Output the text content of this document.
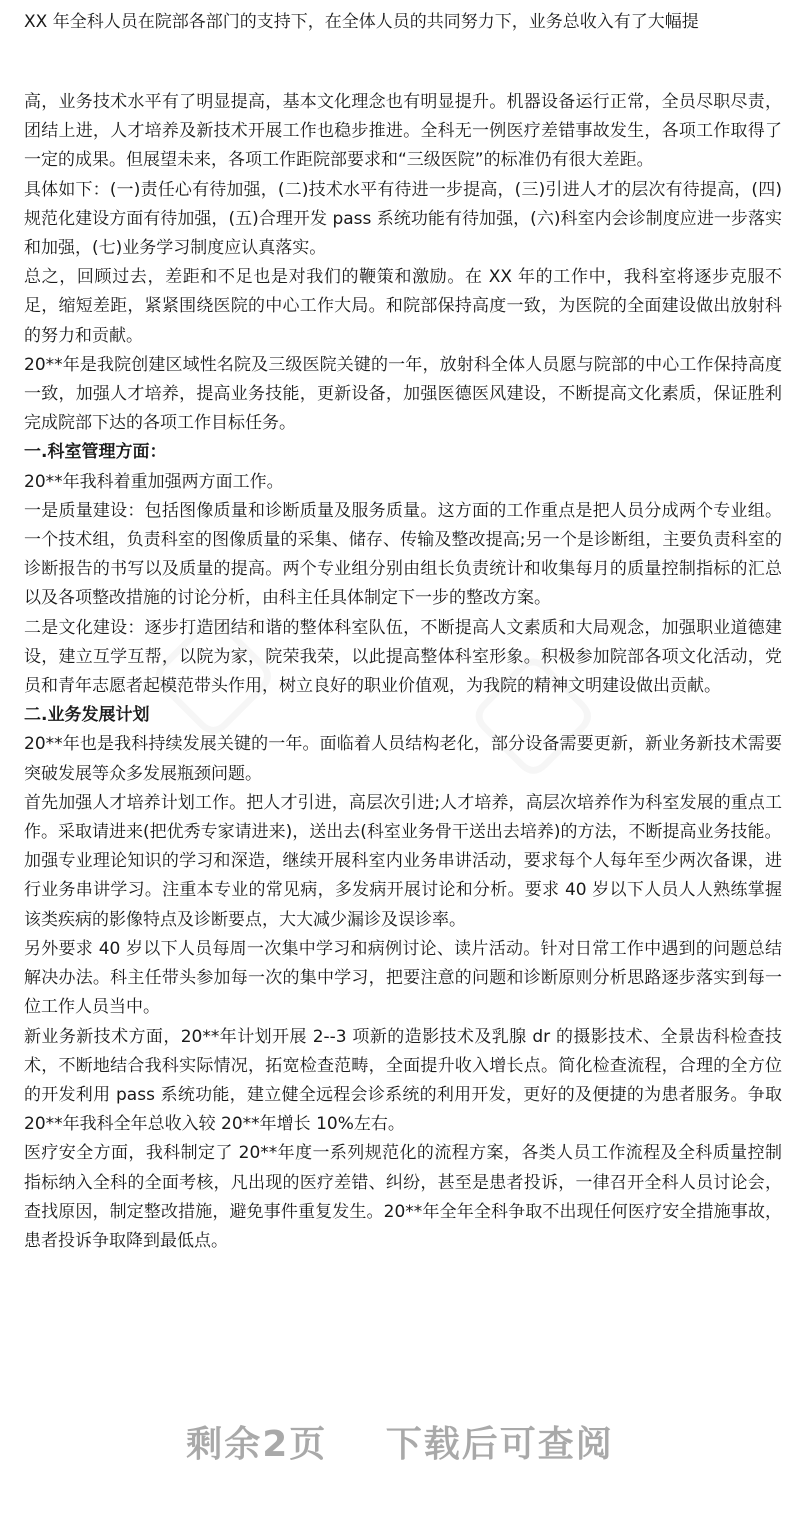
XX 年全科人员在院部各部门的支持下，在全体人员的共同努力下，业务总收入有了大幅提

高，业务技术水平有了明显提高，基本文化理念也有明显提升。机器设备运行正常，全员尽职尽责，团结上进，人才培养及新技术开展工作也稳步推进。全科无一例医疗差错事故发生，各项工作取得了一定的成果。但展望未来，各项工作距院部要求和“三级医院”的标准仍有很大差距。

具体如下：(一)责任心有待加强，(二)技术水平有待进一步提高，(三)引进人才的层次有待提高，(四)规范化建设方面有待加强，(五)合理开发 pass 系统功能有待加强，(六)科室内会诊制度应进一步落实和加强，(七)业务学习制度应认真落实。

总之，回顾过去，差距和不足也是对我们的鞭策和激励。在 XX 年的工作中，我科室将逐步克服不足，缩短差距，紧紧围绕医院的中心工作大局。和院部保持高度一致，为医院的全面建设做出放射科的努力和贡献。

20**年是我院创建区域性名院及三级医院关键的一年，放射科全体人员愿与院部的中心工作保持高度一致，加强人才培养，提高业务技能，更新设备，加强医德医风建设，不断提高文化素质，保证胜利完成院部下达的各项工作目标任务。

一.科室管理方面：

20**年我科着重加强两方面工作。

一是质量建设：包括图像质量和诊断质量及服务质量。这方面的工作重点是把人员分成两个专业组。一个技术组，负责科室的图像质量的采集、储存、传输及整改提高;另一个是诊断组，主要负责科室的诊断报告的书写以及质量的提高。两个专业组分别由组长负责统计和收集每月的质量控制指标的汇总以及各项整改措施的讨论分析，由科主任具体制定下一步的整改方案。

二是文化建设：逐步打造团结和谐的整体科室队伍，不断提高人文素质和大局观念，加强职业道德建设，建立互学互帮，以院为家，院荣我荣，以此提高整体科室形象。积极参加院部各项文化活动，党员和青年志愿者起模范带头作用，树立良好的职业价值观，为我院的精神文明建设做出贡献。

二.业务发展计划

20**年也是我科持续发展关键的一年。面临着人员结构老化，部分设备需要更新，新业务新技术需要突破发展等众多发展瓶颈问题。

首先加强人才培养计划工作。把人才引进，高层次引进;人才培养，高层次培养作为科室发展的重点工作。采取请进来(把优秀专家请进来)，送出去(科室业务骨干送出去培养)的方法，不断提高业务技能。

加强专业理论知识的学习和深造，继续开展科室内业务串讲活动，要求每个人每年至少两次备课，进行业务串讲学习。注重本专业的常见病，多发病开展讨论和分析。要求 40 岁以下人员人人熟练掌握该类疾病的影像特点及诊断要点，大大减少漏诊及误诊率。

另外要求 40 岁以下人员每周一次集中学习和病例讨论、读片活动。针对日常工作中遇到的问题总结解决办法。科主任带头参加每一次的集中学习，把要注意的问题和诊断原则分析思路逐步落实到每一位工作人员当中。

新业务新技术方面，20**年计划开展 2--3 项新的造影技术及乳腺 dr 的摄影技术、全景齿科检查技术，不断地结合我科实际情况，拓宽检查范畴，全面提升收入增长点。简化检查流程，合理的全方位的开发利用 pass 系统功能，建立健全远程会诊系统的利用开发，更好的及便捷的为患者服务。争取 20**年我科全年总收入较 20**年增长 10%左右。

医疗安全方面，我科制定了 20**年度一系列规范化的流程方案，各类人员工作流程及全科质量控制指标纳入全科的全面考核，凡出现的医疗差错、纠纷，甚至是患者投诉，一律召开全科人员讨论会，查找原因，制定整改措施，避免事件重复发生。20**年全年全科争取不出现任何医疗安全措施事故，患者投诉争取降到最低点。

剩余2页 下载后可查阅
